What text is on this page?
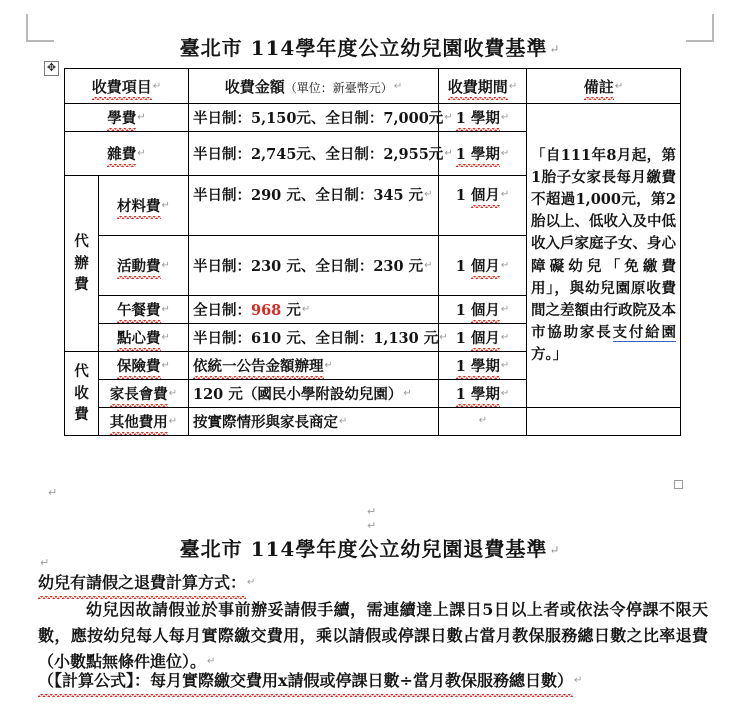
✥
臺北市 114學年度公立幼兒園收費基準 ↵
收費項目↵		收費金額（單位：新臺幣元）↵	收費期間↵	備註↵
學費↵		半日制：5,150元、全日制：7,000元↵	1 學期↵	「自111年8月起，第1胎子女家長每月繳費不超過1,000元，第2胎以上、低收入及中低收入戶家庭子女、身心障礙幼兒「免繳費用」，與幼兒園原收費間之差額由行政院及本市協助家長支付給園方。」
雜費↵		半日制：2,745元、全日制：2,955元↵	1 學期↵

代
辦
費	材料費↵	半日制：290 元、全日制：345 元↵	1 個月↵
	活動費↵	半日制：230 元、全日制：230 元↵	1 個月↵
	午餐費↵	全日制：968 元↵	1 個月↵
	點心費↵	半日制：610 元、全日制：1,130 元↵	1 個月↵

代
收
費	保險費↵	依統一公告金額辦理↵	1 學期↵
	家長會費↵	120 元（國民小學附設幼兒園）↵	1 學期↵
	其他費用↵	按實際情形與家長商定↵	↵	
↵
↵
↵
↵
臺北市 114學年度公立幼兒園退費基準 ↵
幼兒有請假之退費計算方式：↵
幼兒因故請假並於事前辦妥請假手續，需連續達上課日5日以上者或依法令停課不限天數，應按幼兒每人每月實際繳交費用，乘以請假或停課日數占當月教保服務總日數之比率退費（小數點無條件進位）。↵
（【計算公式】：每月實際繳交費用x請假或停課日數÷當月教保服務總日數）↵
